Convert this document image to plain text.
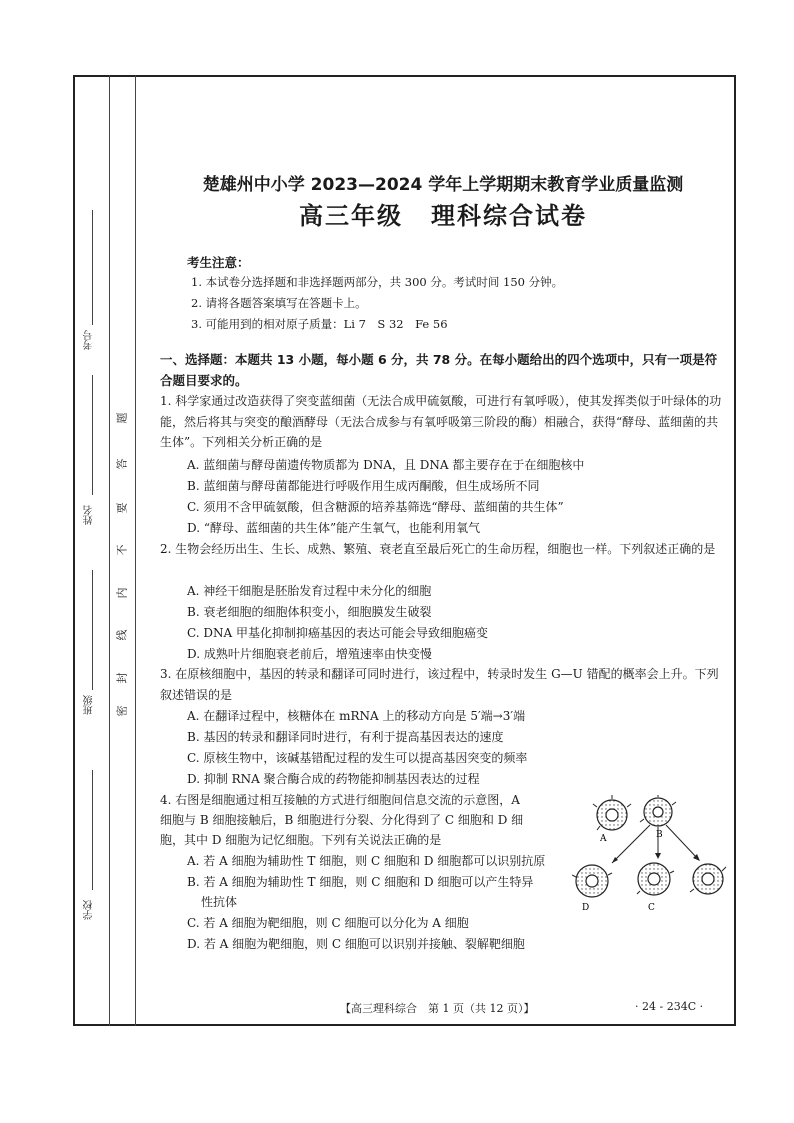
考号
姓名
班级
学校
题
答
要
不
内
线
封
密
楚雄州中小学 2023—2024 学年上学期期末教育学业质量监测
高三年级 理科综合试卷
考生注意：
1. 本试卷分选择题和非选择题两部分，共 300 分。考试时间 150 分钟。
2. 请将各题答案填写在答题卡上。
3. 可能用到的相对原子质量：Li 7　S 32　Fe 56
一、选择题：本题共 13 小题，每小题 6 分，共 78 分。在每小题给出的四个选项中，只有一项是符合题目要求的。
1. 科学家通过改造获得了突变蓝细菌（无法合成甲硫氨酸，可进行有氧呼吸），使其发挥类似于叶绿体的功能，然后将其与突变的酿酒酵母（无法合成参与有氧呼吸第三阶段的酶）相融合，获得“酵母、蓝细菌的共生体”。下列相关分析正确的是
A. 蓝细菌与酵母菌遗传物质都为 DNA，且 DNA 都主要存在于在细胞核中
B. 蓝细菌与酵母菌都能进行呼吸作用生成丙酮酸，但生成场所不同
C. 须用不含甲硫氨酸，但含糖源的培养基筛选“酵母、蓝细菌的共生体”
D. “酵母、蓝细菌的共生体”能产生氧气，也能利用氧气
2. 生物会经历出生、生长、成熟、繁殖、衰老直至最后死亡的生命历程，细胞也一样。下列叙述正确的是
A. 神经干细胞是胚胎发育过程中未分化的细胞
B. 衰老细胞的细胞体积变小，细胞膜发生破裂
C. DNA 甲基化抑制抑癌基因的表达可能会导致细胞癌变
D. 成熟叶片细胞衰老前后，增殖速率由快变慢
3. 在原核细胞中，基因的转录和翻译可同时进行，该过程中，转录时发生 G—U 错配的概率会上升。下列叙述错误的是
A. 在翻译过程中，核糖体在 mRNA 上的移动方向是 5′端→3′端
B. 基因的转录和翻译同时进行，有利于提高基因表达的速度
C. 原核生物中，该碱基错配过程的发生可以提高基因突变的频率
D. 抑制 RNA 聚合酶合成的药物能抑制基因表达的过程
4. 右图是细胞通过相互接触的方式进行细胞间信息交流的示意图，A
细胞与 B 细胞接触后，B 细胞进行分裂、分化得到了 C 细胞和 D 细
胞，其中 D 细胞为记忆细胞。下列有关说法正确的是
A. 若 A 细胞为辅助性 T 细胞，则 C 细胞和 D 细胞都可以识别抗原
B. 若 A 细胞为辅助性 T 细胞，则 C 细胞和 D 细胞可以产生特异
性抗体
C. 若 A 细胞为靶细胞，则 C 细胞可以分化为 A 细胞
D. 若 A 细胞为靶细胞，则 C 细胞可以识别并接触、裂解靶细胞
A	B
D	C
【高三理科综合　第 1 页（共 12 页）】	· 24 - 234C ·
